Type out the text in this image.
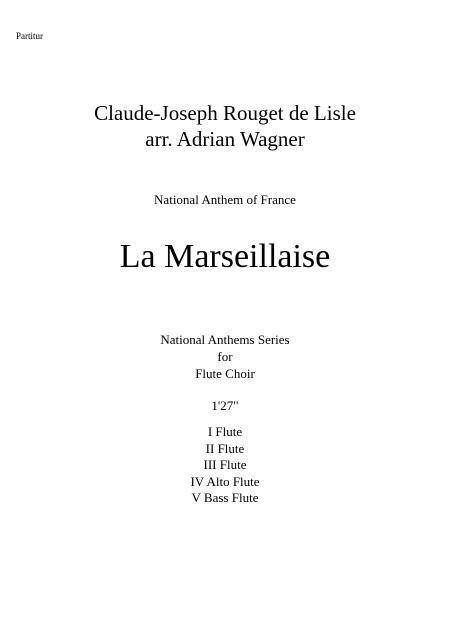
Partitur
Claude-Joseph Rouget de Lisle
arr. Adrian Wagner
National Anthem of France
La Marseillaise
National Anthems Series
for
Flute Choir
1'27"
I Flute
II Flute
III Flute
IV Alto Flute
V Bass Flute
